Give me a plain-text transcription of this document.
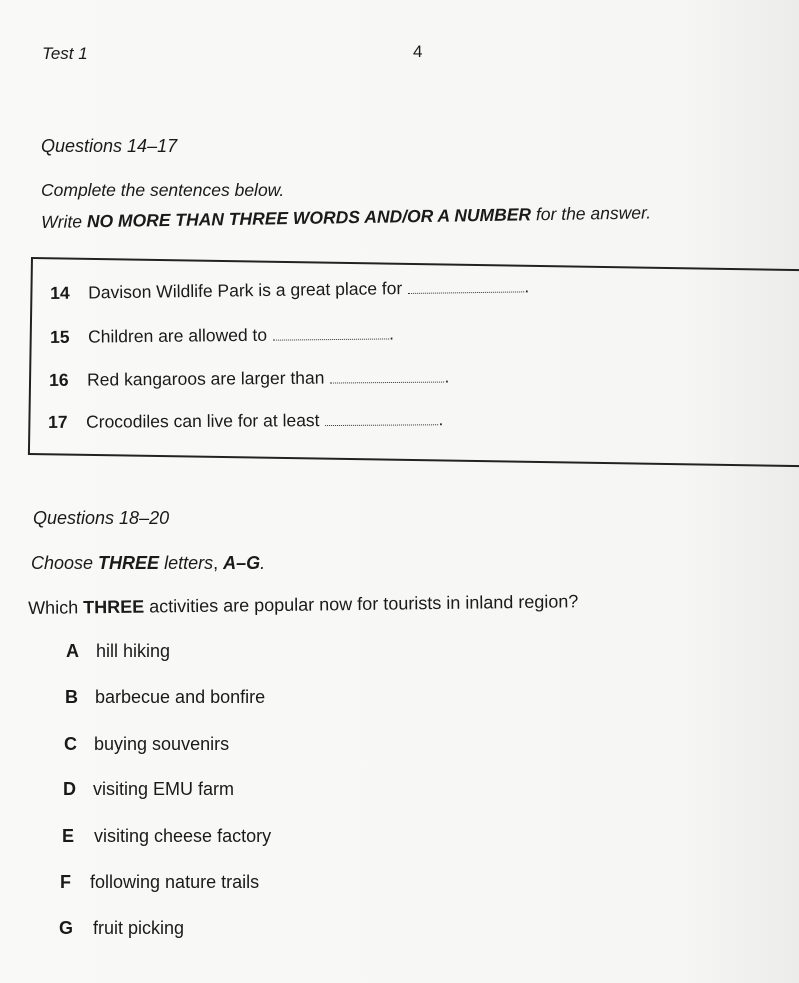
Test 1	4
Questions 14–17
Complete the sentences below.
Write NO MORE THAN THREE WORDS AND/OR A NUMBER for the answer.
14 Davison Wildlife Park is a great place for	.
15 Children are allowed to	.
16 Red kangaroos are larger than	.
17 Crocodiles can live for at least	.
Questions 18–20
Choose THREE letters, A–G.
Which THREE activities are popular now for tourists in inland region?
A hill hiking
B barbecue and bonfire
C buying souvenirs
D visiting EMU farm
E visiting cheese factory
F following nature trails
G fruit picking
